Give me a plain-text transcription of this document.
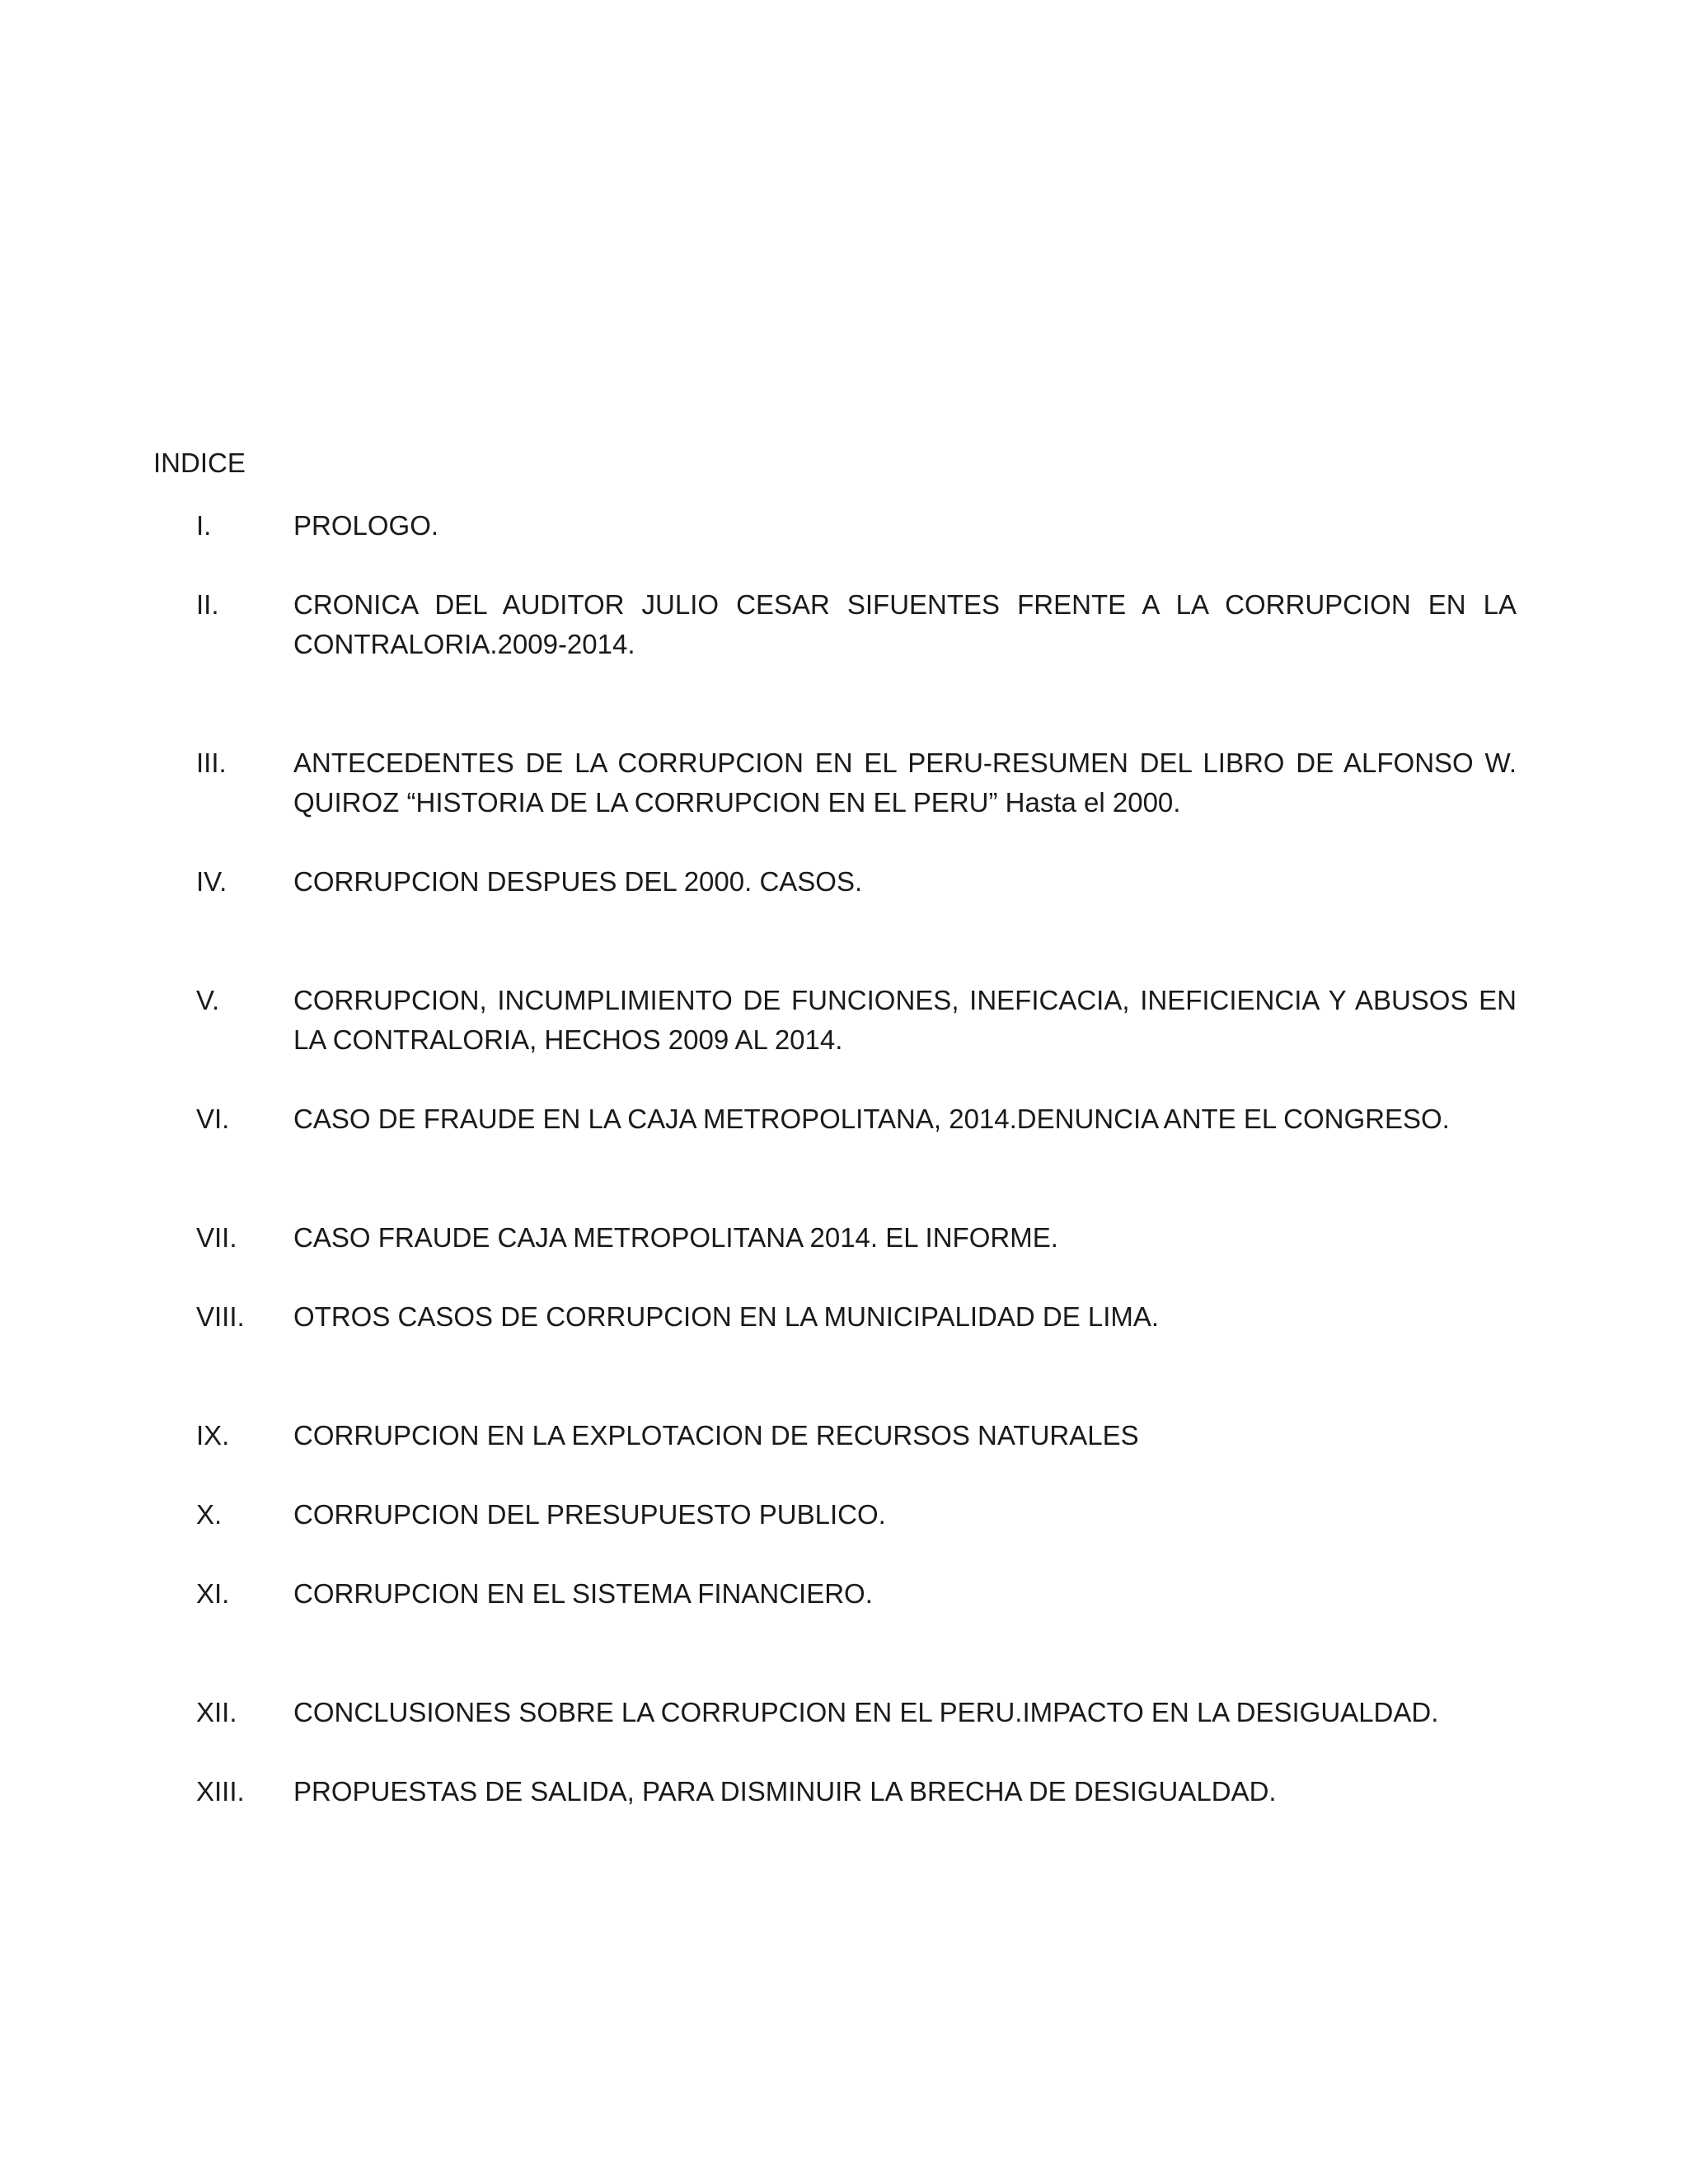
INDICE
I.	PROLOGO.
II.	CRONICA DEL AUDITOR JULIO CESAR SIFUENTES FRENTE A LA CORRUPCION EN LA CONTRALORIA.2009-2014.
III. ANTECEDENTES DE LA CORRUPCION EN EL PERU-RESUMEN DEL LIBRO DE ALFONSO W. QUIROZ “HISTORIA DE LA CORRUPCION EN EL PERU” Hasta el 2000.
IV. CORRUPCION DESPUES DEL 2000. CASOS.
V.	CORRUPCION, INCUMPLIMIENTO DE FUNCIONES, INEFICACIA, INEFICIENCIA Y ABUSOS EN LA CONTRALORIA, HECHOS 2009 AL 2014.
VI. CASO DE FRAUDE EN LA CAJA METROPOLITANA, 2014.DENUNCIA ANTE EL CONGRESO.
VII. CASO FRAUDE CAJA METROPOLITANA 2014. EL INFORME.
VIII. OTROS CASOS DE CORRUPCION EN LA MUNICIPALIDAD DE LIMA.
IX. CORRUPCION EN LA EXPLOTACION DE RECURSOS NATURALES
X.	CORRUPCION DEL PRESUPUESTO PUBLICO.
XI. CORRUPCION EN EL SISTEMA FINANCIERO.
XII. CONCLUSIONES SOBRE LA CORRUPCION EN EL PERU.IMPACTO EN LA DESIGUALDAD.
XIII. PROPUESTAS DE SALIDA, PARA DISMINUIR LA BRECHA DE DESIGUALDAD.
